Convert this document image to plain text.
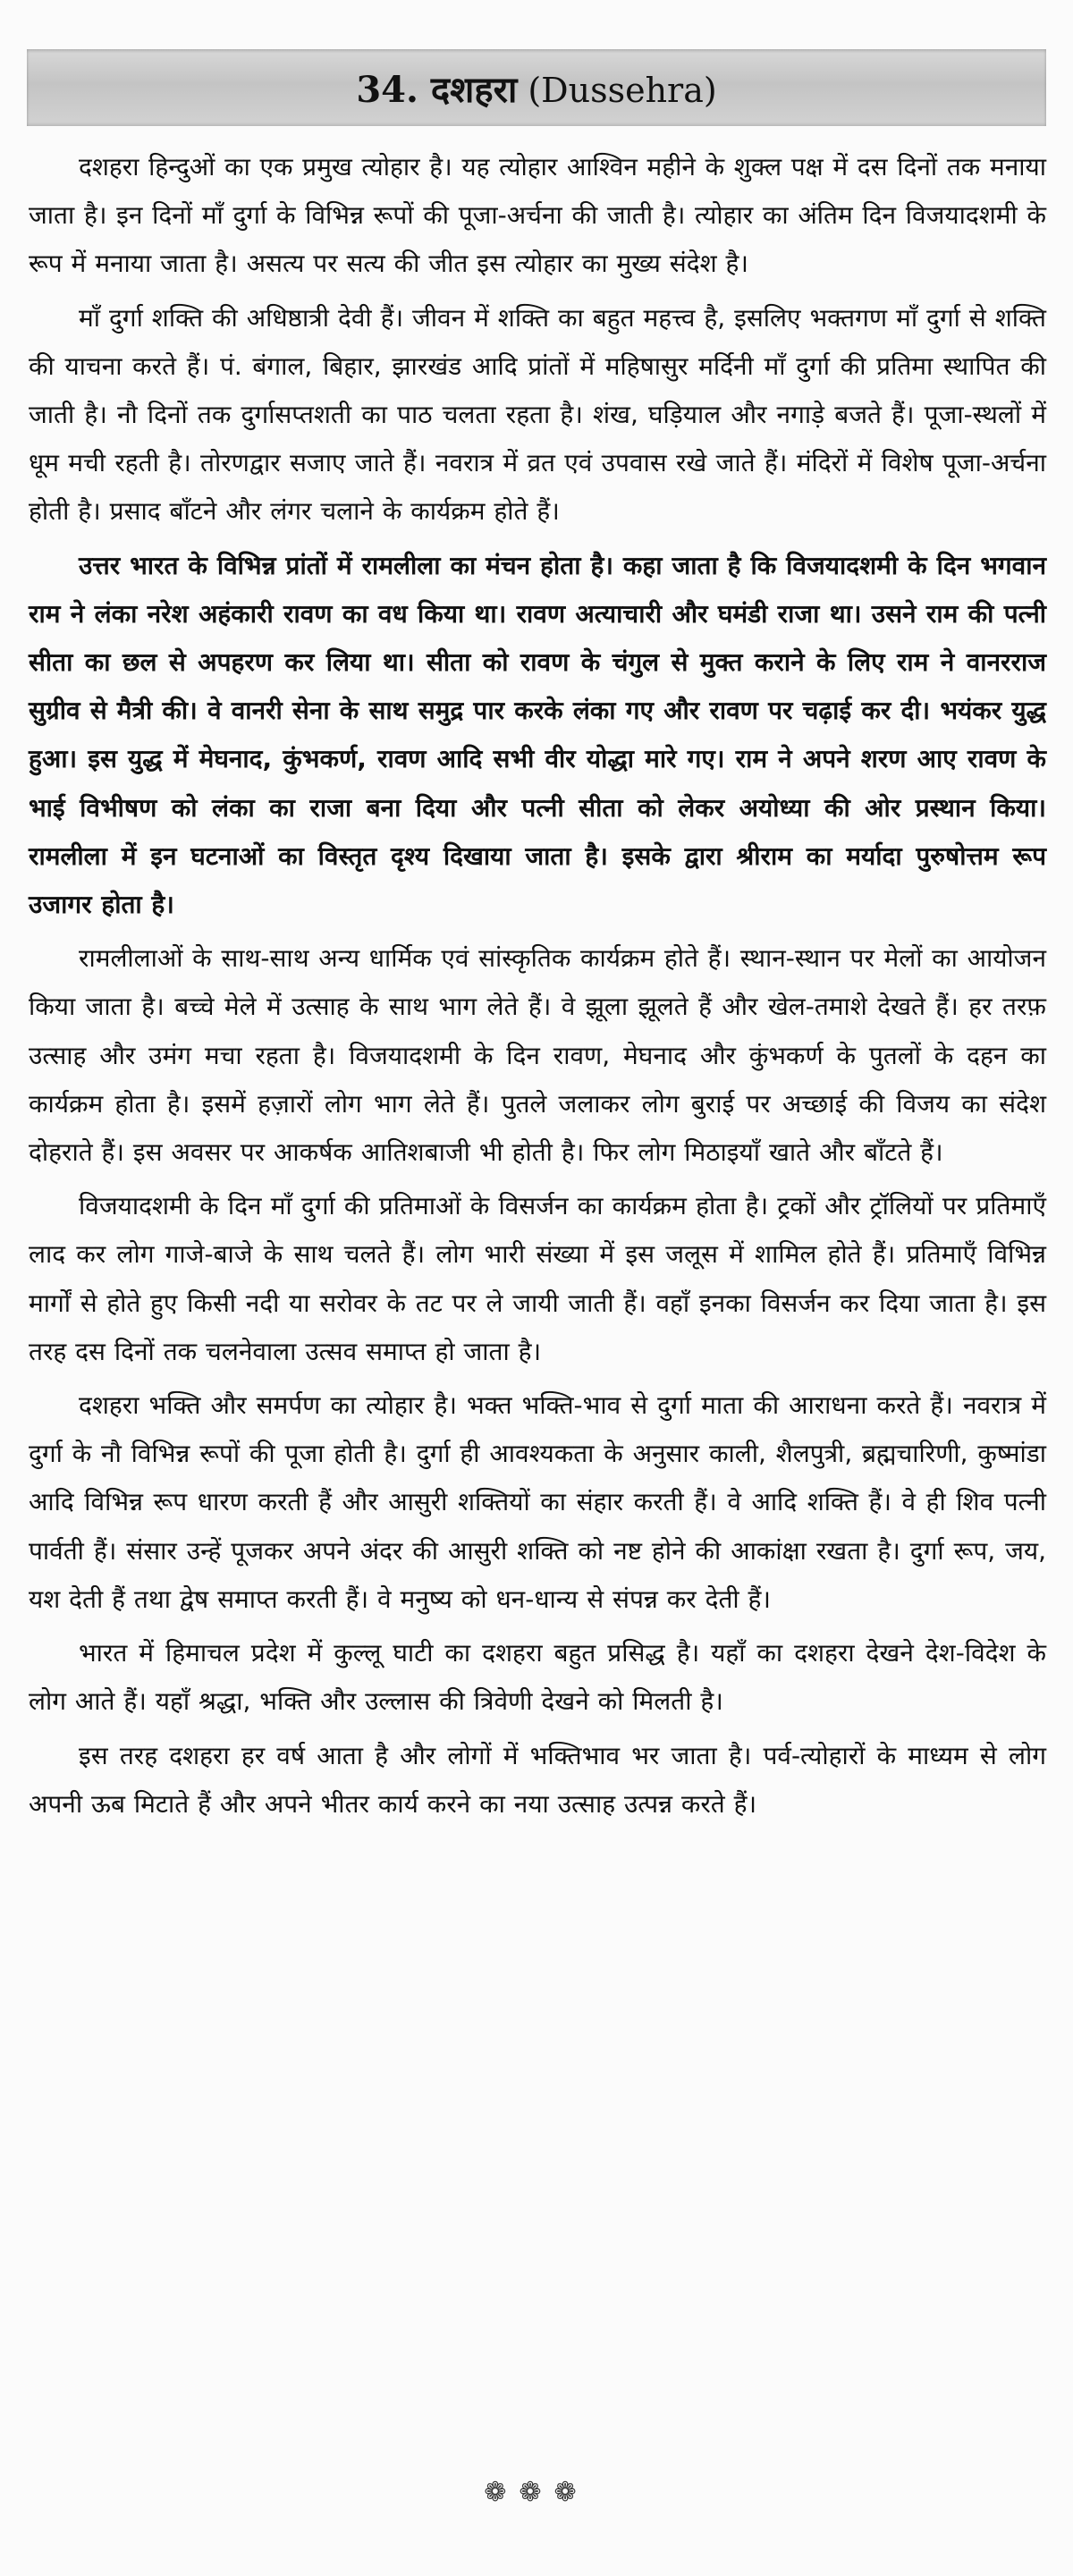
34. दशहरा (Dussehra)

दशहरा हिन्दुओं का एक प्रमुख त्योहार है। यह त्योहार आश्विन महीने के शुक्ल पक्ष में दस दिनों तक मनाया जाता है। इन दिनों माँ दुर्गा के विभिन्न रूपों की पूजा-अर्चना की जाती है। त्योहार का अंतिम दिन विजयादशमी के रूप में मनाया जाता है। असत्य पर सत्य की जीत इस त्योहार का मुख्य संदेश है।

माँ दुर्गा शक्ति की अधिष्ठात्री देवी हैं। जीवन में शक्ति का बहुत महत्त्व है, इसलिए भक्तगण माँ दुर्गा से शक्ति की याचना करते हैं। पं. बंगाल, बिहार, झारखंड आदि प्रांतों में महिषासुर मर्दिनी माँ दुर्गा की प्रतिमा स्थापित की जाती है। नौ दिनों तक दुर्गासप्तशती का पाठ चलता रहता है। शंख, घड़ियाल और नगाड़े बजते हैं। पूजा-स्थलों में धूम मची रहती है। तोरणद्वार सजाए जाते हैं। नवरात्र में व्रत एवं उपवास रखे जाते हैं। मंदिरों में विशेष पूजा-अर्चना होती है। प्रसाद बाँटने और लंगर चलाने के कार्यक्रम होते हैं।

उत्तर भारत के विभिन्न प्रांतों में रामलीला का मंचन होता है। कहा जाता है कि विजयादशमी के दिन भगवान राम ने लंका नरेश अहंकारी रावण का वध किया था। रावण अत्याचारी और घमंडी राजा था। उसने राम की पत्नी सीता का छल से अपहरण कर लिया था। सीता को रावण के चंगुल से मुक्त कराने के लिए राम ने वानरराज सुग्रीव से मैत्री की। वे वानरी सेना के साथ समुद्र पार करके लंका गए और रावण पर चढ़ाई कर दी। भयंकर युद्ध हुआ। इस युद्ध में मेघनाद, कुंभकर्ण, रावण आदि सभी वीर योद्धा मारे गए। राम ने अपने शरण आए रावण के भाई विभीषण को लंका का राजा बना दिया और पत्नी सीता को लेकर अयोध्या की ओर प्रस्थान किया। रामलीला में इन घटनाओं का विस्तृत दृश्य दिखाया जाता है। इसके द्वारा श्रीराम का मर्यादा पुरुषोत्तम रूप उजागर होता है।

रामलीलाओं के साथ-साथ अन्य धार्मिक एवं सांस्कृतिक कार्यक्रम होते हैं। स्थान-स्थान पर मेलों का आयोजन किया जाता है। बच्चे मेले में उत्साह के साथ भाग लेते हैं। वे झूला झूलते हैं और खेल-तमाशे देखते हैं। हर तरफ़ उत्साह और उमंग मचा रहता है। विजयादशमी के दिन रावण, मेघनाद और कुंभकर्ण के पुतलों के दहन का कार्यक्रम होता है। इसमें हज़ारों लोग भाग लेते हैं। पुतले जलाकर लोग बुराई पर अच्छाई की विजय का संदेश दोहराते हैं। इस अवसर पर आकर्षक आतिशबाजी भी होती है। फिर लोग मिठाइयाँ खाते और बाँटते हैं।

विजयादशमी के दिन माँ दुर्गा की प्रतिमाओं के विसर्जन का कार्यक्रम होता है। ट्रकों और ट्रॉलियों पर प्रतिमाएँ लाद कर लोग गाजे-बाजे के साथ चलते हैं। लोग भारी संख्या में इस जलूस में शामिल होते हैं। प्रतिमाएँ विभिन्न मार्गों से होते हुए किसी नदी या सरोवर के तट पर ले जायी जाती हैं। वहाँ इनका विसर्जन कर दिया जाता है। इस तरह दस दिनों तक चलनेवाला उत्सव समाप्त हो जाता है।

दशहरा भक्ति और समर्पण का त्योहार है। भक्त भक्ति-भाव से दुर्गा माता की आराधना करते हैं। नवरात्र में दुर्गा के नौ विभिन्न रूपों की पूजा होती है। दुर्गा ही आवश्यकता के अनुसार काली, शैलपुत्री, ब्रह्मचारिणी, कुष्मांडा आदि विभिन्न रूप धारण करती हैं और आसुरी शक्तियों का संहार करती हैं। वे आदि शक्ति हैं। वे ही शिव पत्नी पार्वती हैं। संसार उन्हें पूजकर अपने अंदर की आसुरी शक्ति को नष्ट होने की आकांक्षा रखता है। दुर्गा रूप, जय, यश देती हैं तथा द्वेष समाप्त करती हैं। वे मनुष्य को धन-धान्य से संपन्न कर देती हैं।

भारत में हिमाचल प्रदेश में कुल्लू घाटी का दशहरा बहुत प्रसिद्ध है। यहाँ का दशहरा देखने देश-विदेश के लोग आते हैं। यहाँ श्रद्धा, भक्ति और उल्लास की त्रिवेणी देखने को मिलती है।

इस तरह दशहरा हर वर्ष आता है और लोगों में भक्तिभाव भर जाता है। पर्व-त्योहारों के माध्यम से लोग अपनी ऊब मिटाते हैं और अपने भीतर कार्य करने का नया उत्साह उत्पन्न करते हैं।

❁❁❁
